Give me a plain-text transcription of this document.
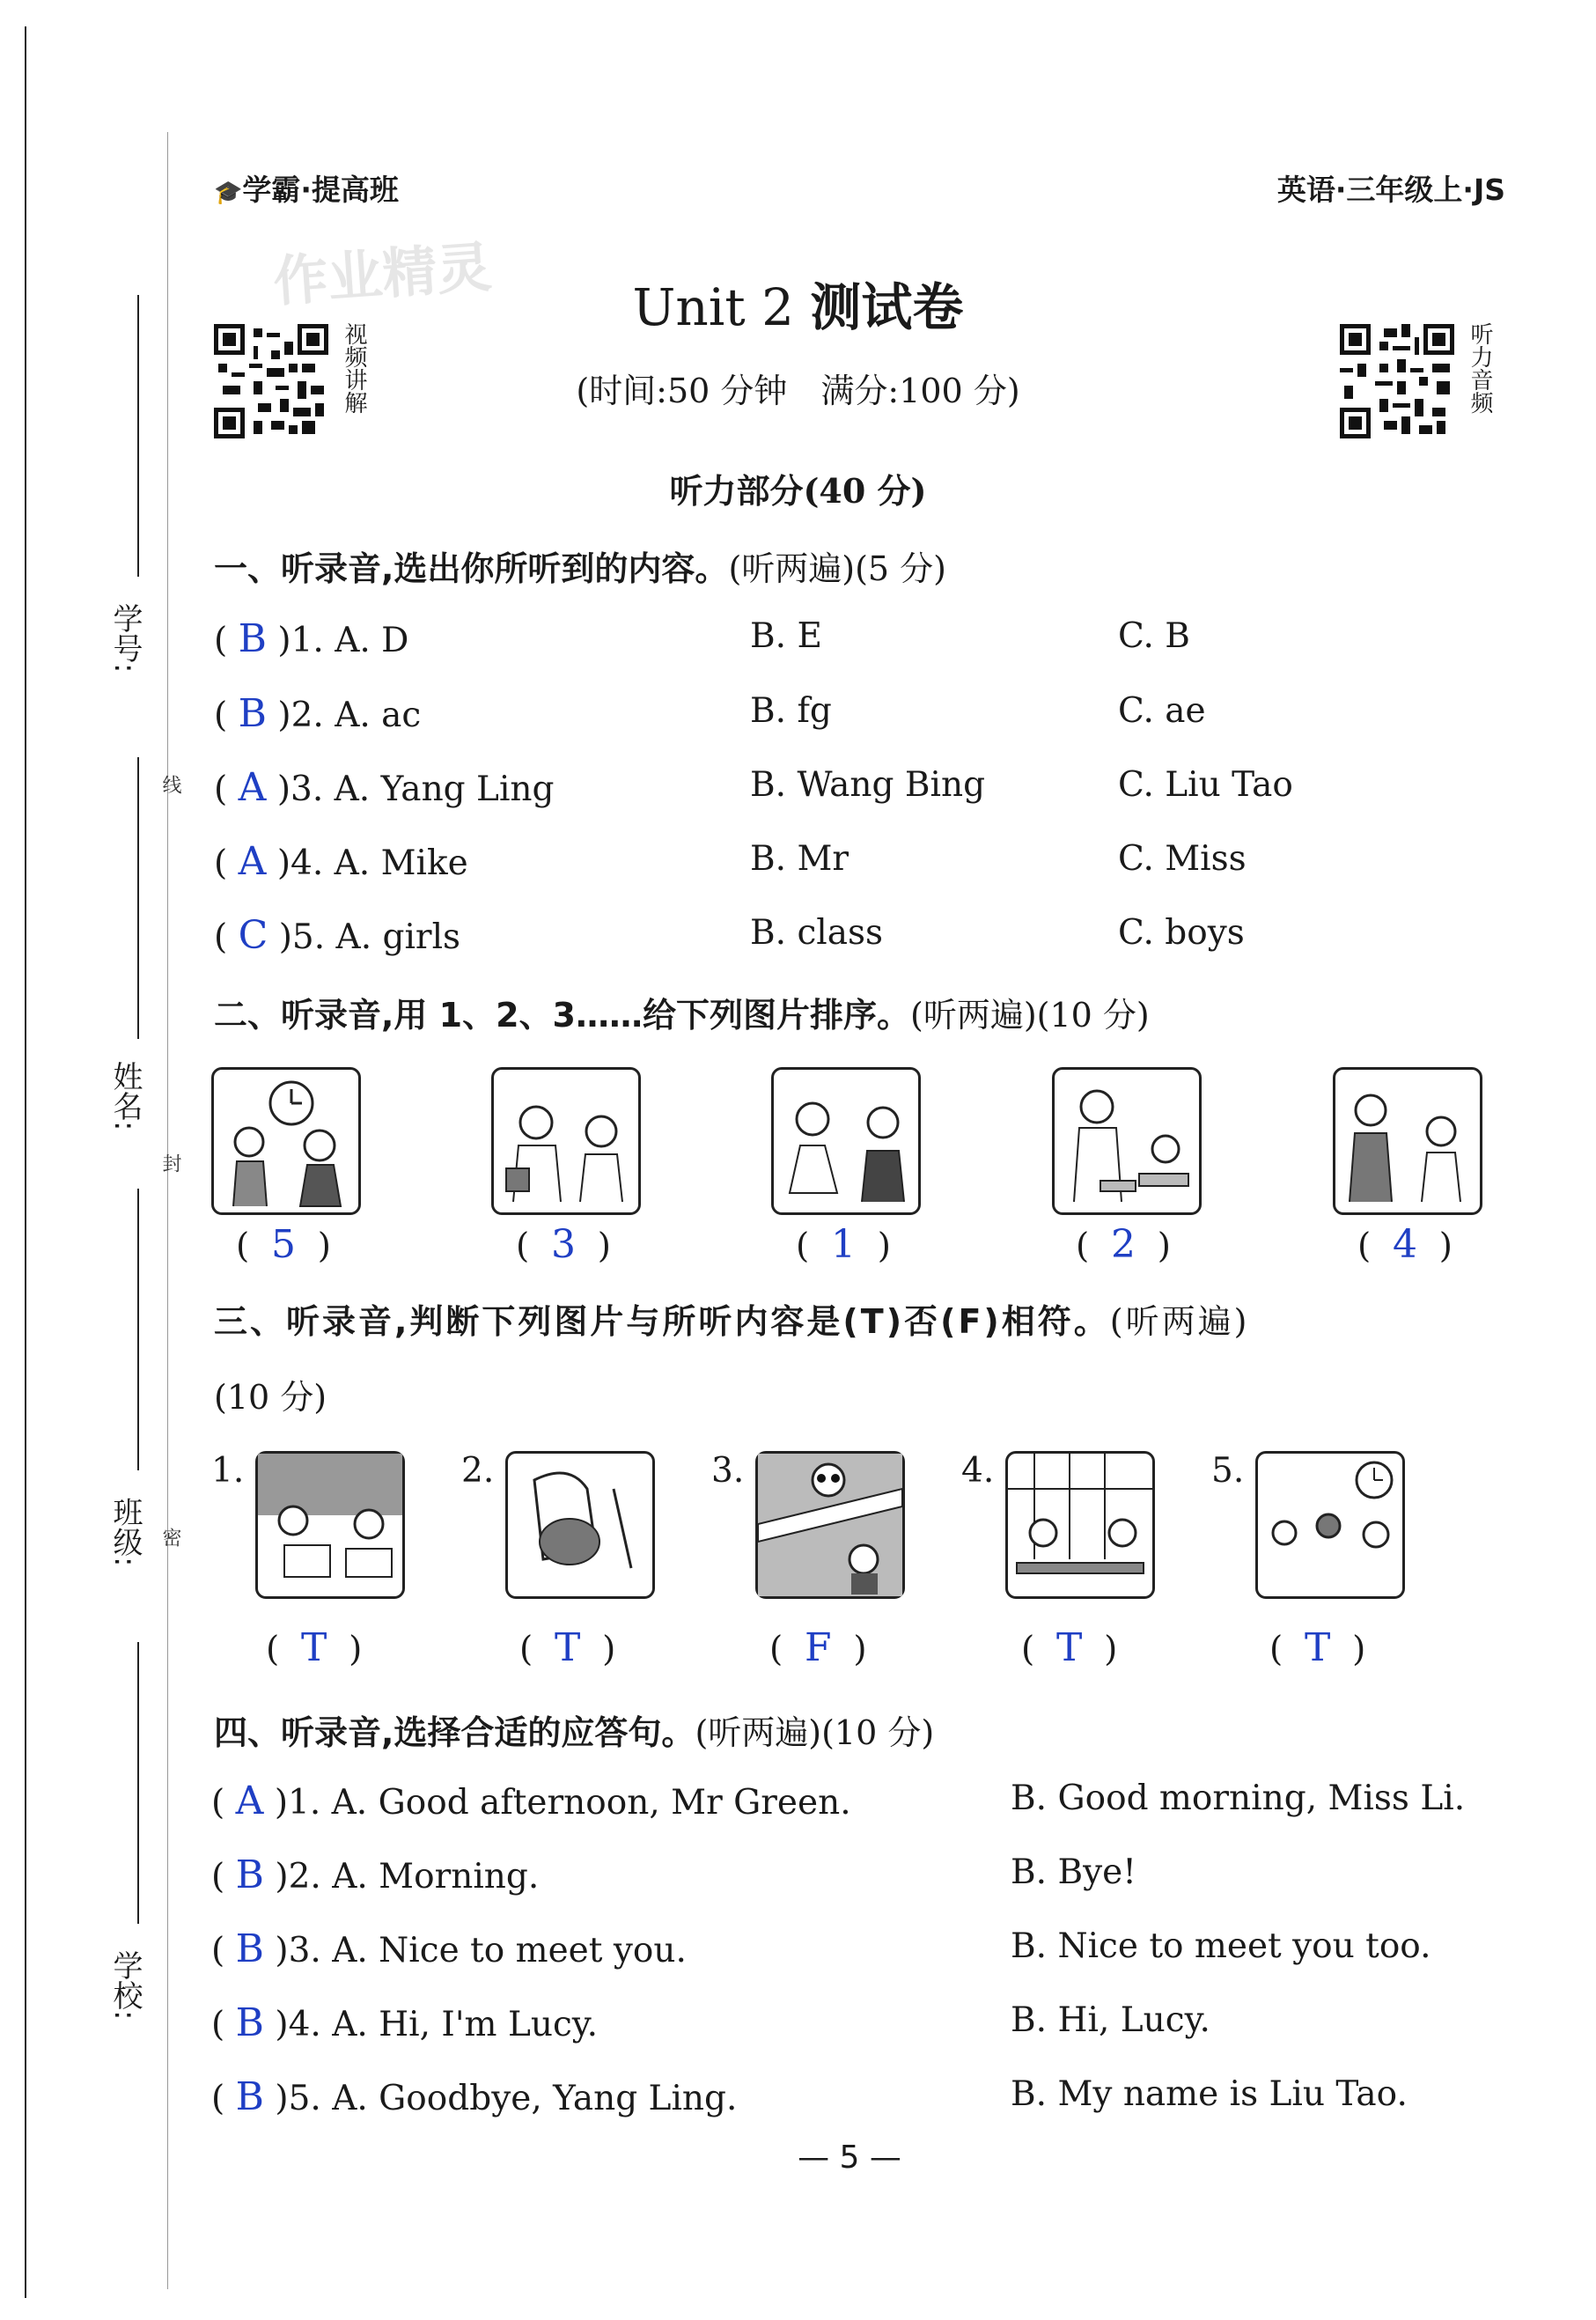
学号:
线
姓名:
封
班级: 密
学校:
🎓学霸·提高班	英语·三年级上·JS
作业精灵	Unit 2 测试卷
(时间:50 分钟　满分:100 分)
视频讲解	听力音频
听力部分(40 分)
一、听录音,选出你所听到的内容。(听两遍)(5 分)
二、听录音,用 1、2、3……给下列图片排序。(听两遍)(10 分)
(  5  )	(  3  )	(  1  )	(  2  )	(  4  )
三、听录音,判断下列图片与所听内容是(T)否(F)相符。(听两遍)
(10 分)
1.	2.	3.	4.	5.
(  T  )	(  T  )	(  F  )	(  T  )	(  T  )
四、听录音,选择合适的应答句。(听两遍)(10 分)
( B )1. A. D	B. E	C. B
( B )2. A. ac	B. fg	C. ae
( A )3. A. Yang Ling	B. Wang Bing	C. Liu Tao
( A )4. A. Mike	B. Mr	C. Miss
( C )5. A. girls	B. class	C. boys
( A )1. A. Good afternoon, Mr Green.	B. Good morning, Miss Li.
( B )2. A. Morning.	B. Bye!
( B )3. A. Nice to meet you.	B. Nice to meet you too.
( B )4. A. Hi, I'm Lucy.	B. Hi, Lucy.
( B )5. A. Goodbye, Yang Ling.	B. My name is Liu Tao.
— 5 —
